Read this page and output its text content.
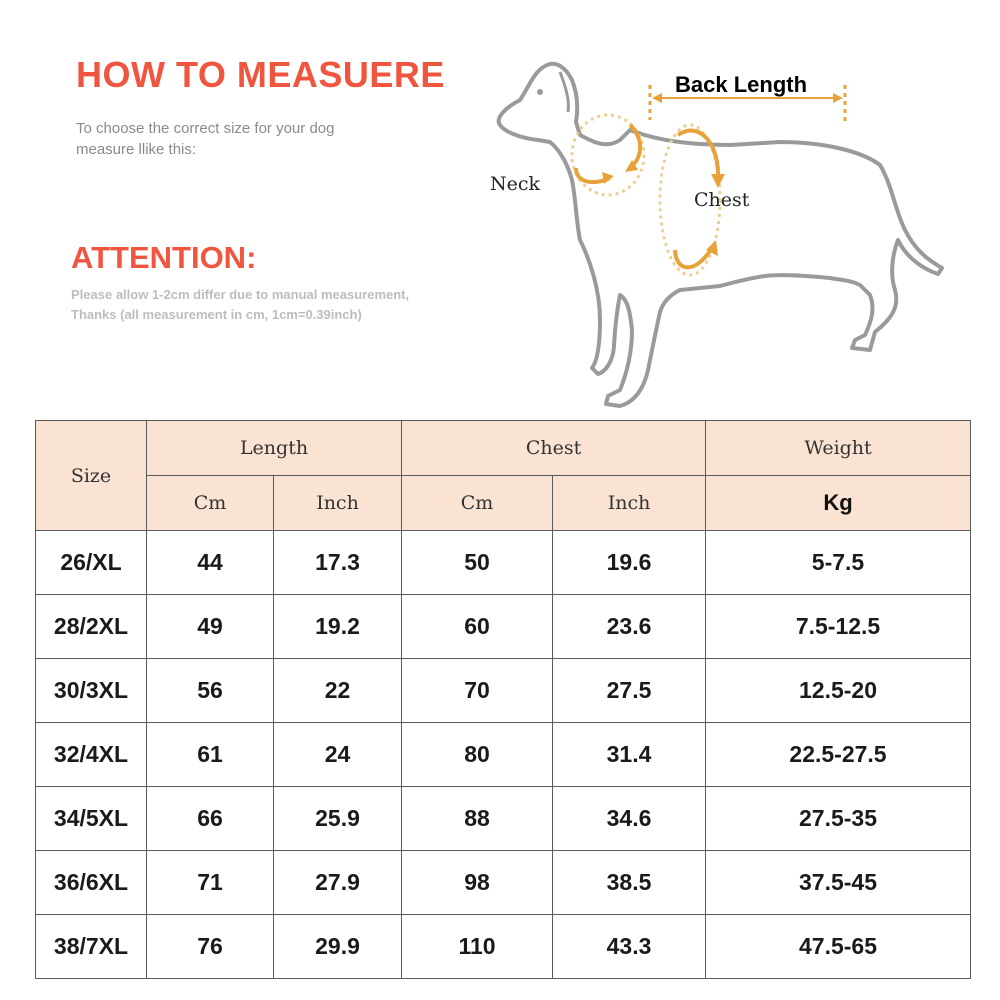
HOW TO MEASUERE
To choose the correct size for your dog
measure llike this:
ATTENTION:
Please allow 1-2cm differ due to manual measurement,
Thanks (all measurement in cm, 1cm=0.39inch)
Back Length
Neck
Chest
Size	Length		Chest		Weight
	Cm	Inch	Cm	Inch	Kg
26/XL	44	17.3	50	19.6	5-7.5
28/2XL	49	19.2	60	23.6	7.5-12.5
30/3XL	56	22	70	27.5	12.5-20
32/4XL	61	24	80	31.4	22.5-27.5
34/5XL	66	25.9	88	34.6	27.5-35
36/6XL	71	27.9	98	38.5	37.5-45
38/7XL	76	29.9	110	43.3	47.5-65
